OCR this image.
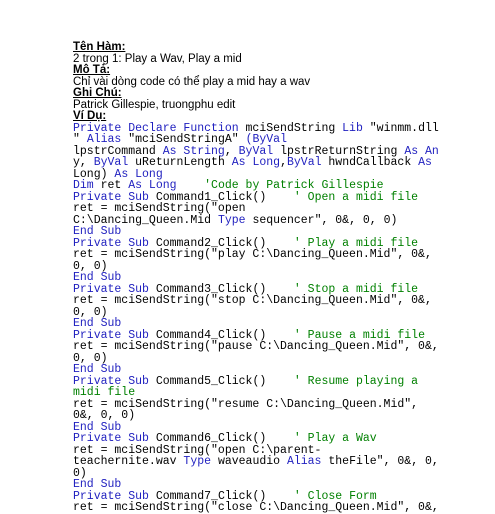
Tên Hàm:
2 trong 1: Play a Wav, Play a mid
Mô Tả:
Chỉ vài dòng code có thể play a mid hay a wav
Ghi Chú:
Patrick Gillespie, truongphu edit
Ví Dụ:
Private Declare Function mciSendString Lib "winmm.dll
" Alias "mciSendStringA" (ByVal
lpstrCommand As String, ByVal lpstrReturnString As An
y, ByVal uReturnLength As Long,ByVal hwndCallback As
Long) As Long
Dim ret As Long    'Code by Patrick Gillespie
Private Sub Command1_Click()    ' Open a midi file
ret = mciSendString("open
C:\Dancing_Queen.Mid Type sequencer", 0&, 0, 0)
End Sub
Private Sub Command2_Click()    ' Play a midi file
ret = mciSendString("play C:\Dancing_Queen.Mid", 0&,
0, 0)
End Sub
Private Sub Command3_Click()    ' Stop a midi file
ret = mciSendString("stop C:\Dancing_Queen.Mid", 0&,
0, 0)
End Sub
Private Sub Command4_Click()    ' Pause a midi file
ret = mciSendString("pause C:\Dancing_Queen.Mid", 0&,
0, 0)
End Sub
Private Sub Command5_Click()    ' Resume playing a
midi file
ret = mciSendString("resume C:\Dancing_Queen.Mid",
0&, 0, 0)
End Sub
Private Sub Command6_Click()    ' Play a Wav
ret = mciSendString("open C:\parent-
teachernite.wav Type waveaudio Alias theFile", 0&, 0,
0)
End Sub
Private Sub Command7_Click()    ' Close Form
ret = mciSendString("close C:\Dancing_Queen.Mid", 0&,
